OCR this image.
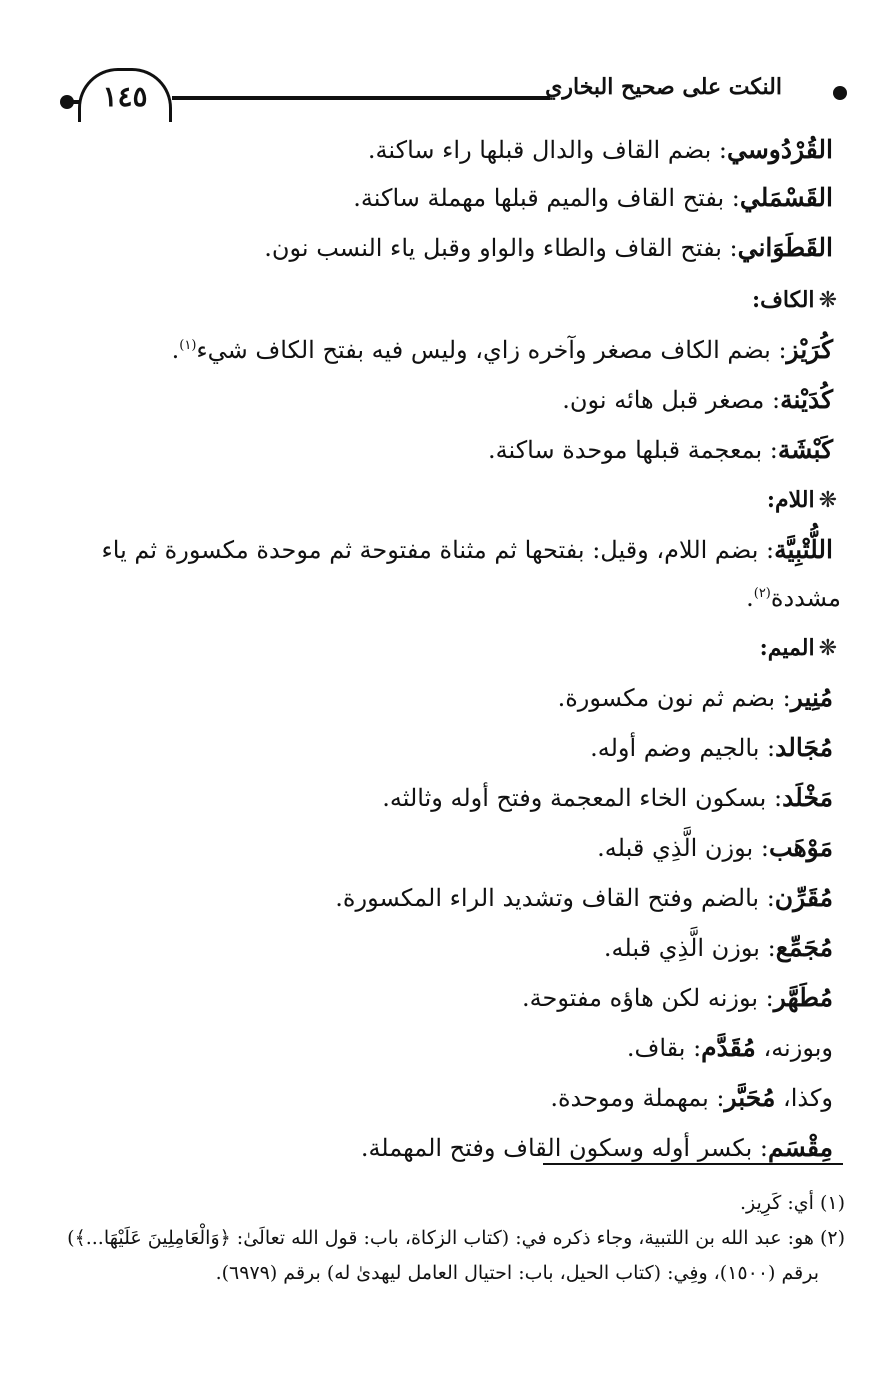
النكت على صحيح البخاري
١٤٥
القُرْدُوسي: بضم القاف والدال قبلها راء ساكنة.
القَسْمَلي: بفتح القاف والميم قبلها مهملة ساكنة.
القَطَوَاني: بفتح القاف والطاء والواو وقبل ياء النسب نون.
❋الكاف:
كُرَيْز: بضم الكاف مصغر وآخره زاي، وليس فيه بفتح الكاف شيء$^{(١)}$.
كُدَيْنة: مصغر قبل هائه نون.
كَبْشَة: بمعجمة قبلها موحدة ساكنة.
❋اللام:
اللُّتْبِيَّة: بضم اللام، وقيل: بفتحها ثم مثناة مفتوحة ثم موحدة مكسورة ثم ياء
مشددة$^{(٢)}$.
❋الميم:
مُنِير: بضم ثم نون مكسورة.
مُجَالد: بالجيم وضم أوله.
مَخْلَد: بسكون الخاء المعجمة وفتح أوله وثالثه.
مَوْهَب: بوزن الَّذِي قبله.
مُقَرِّن: بالضم وفتح القاف وتشديد الراء المكسورة.
مُجَمِّع: بوزن الَّذِي قبله.
مُطَهَّر: بوزنه لكن هاؤه مفتوحة.
وبوزنه، مُقَدَّم: بقاف.
وكذا، مُحَبَّر: بمهملة وموحدة.
مِقْسَم: بكسر أوله وسكون القاف وفتح المهملة.
(١) أي: كَرِيز.
(٢) هو: عبد الله بن اللتبية، وجاء ذكره في: (كتاب الزكاة، باب: قول الله تعالَىٰ: ﴿وَالْعَامِلِينَ عَلَيْهَا...﴾)
برقم (١٥٠٠)، وفِي: (كتاب الحيل، باب: احتيال العامل ليهدىٰ له) برقم (٦٩٧٩).
